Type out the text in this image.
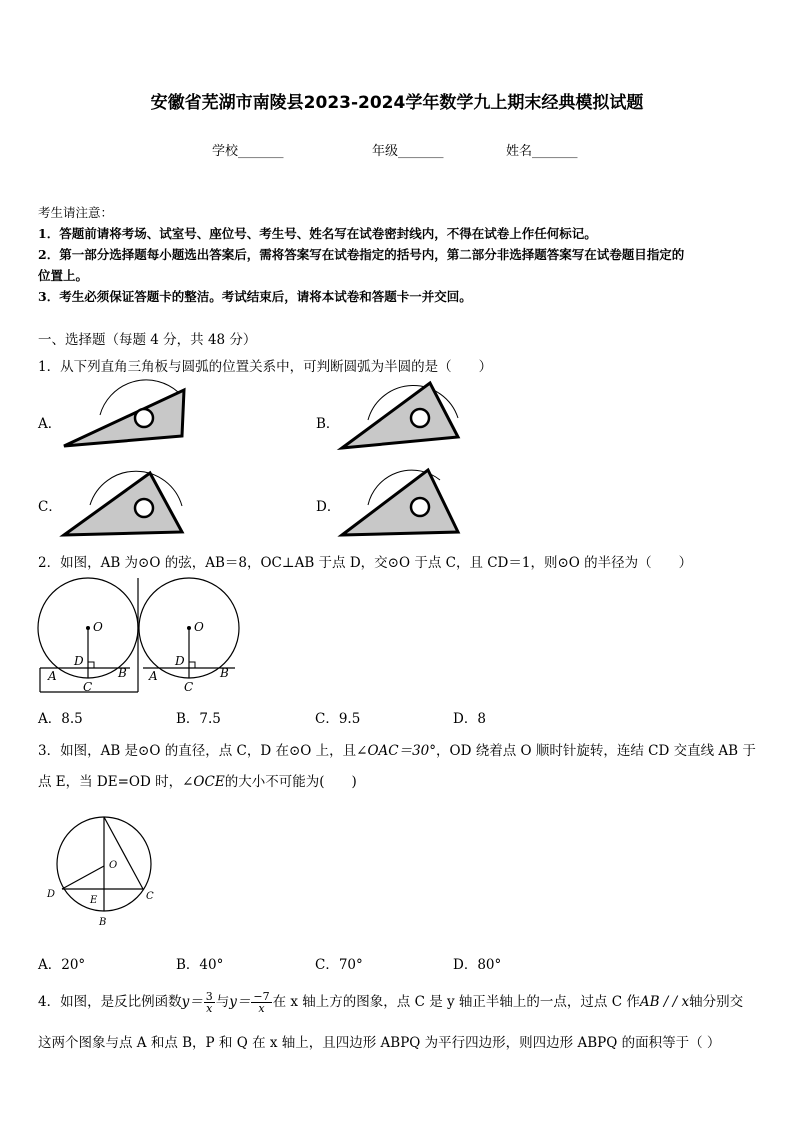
安徽省芜湖市南陵县2023-2024学年数学九上期末经典模拟试题
学校_______	年级_______	姓名_______
考生请注意：
1．答题前请将考场、试室号、座位号、考生号、姓名写在试卷密封线内，不得在试卷上作任何标记。
2．第一部分选择题每小题选出答案后，需将答案写在试卷指定的括号内，第二部分非选择题答案写在试卷题目指定的
位置上。
3．考生必须保证答题卡的整洁。考试结束后，请将本试卷和答题卡一并交回。
一、选择题（每题 4 分，共 48 分）
1．从下列直角三角板与圆弧的位置关系中，可判断圆弧为半圆的是（　　）
A．	B．
C．	D．
2．如图，AB 为⊙O 的弦，AB＝8，OC⊥AB 于点 D，交⊙O 于点 C，且 CD＝1，则⊙O 的半径为（　　）
O
D
A	B
C
O
D
A	B
C
A．8.5	B．7.5	C．9.5	D．8
3．如图，AB 是⊙O 的直径，点 C，D 在⊙O 上，且∠OAC＝30°，OD 绕着点 O 顺时针旋转，连结 CD 交直线 AB 于
点 E，当 DE=OD 时，∠OCE的大小不可能为(　　)
O
D
E	C
B
A．20°	B．40°	C．70°	D．80°
4．如图，是反比例函数$y= \frac{3}{x}$ 与$y= \frac{-7}{x}$ 在 x 轴上方的图象，点 C 是 y 轴正半轴上的一点，过点 C 作AB / / x轴分别交
这两个图象与点 A 和点 B，P 和 Q 在 x 轴上，且四边形 ABPQ 为平行四边形，则四边形 ABPQ 的面积等于（ ）
